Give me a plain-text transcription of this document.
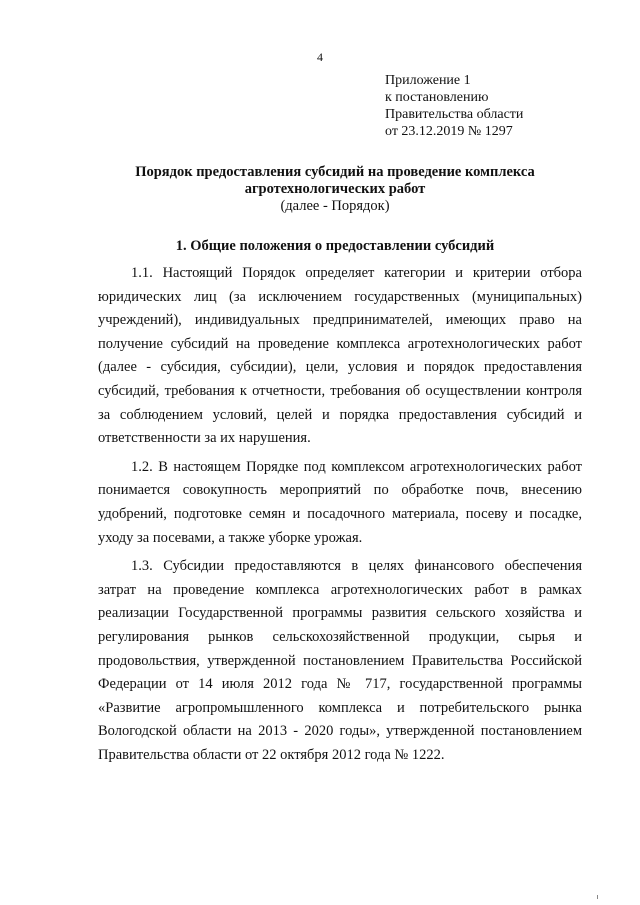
4
Приложение 1
к постановлению
Правительства области
от 23.12.2019 № 1297
Порядок предоставления субсидий на проведение комплекса
агротехнологических работ
(далее - Порядок)
1. Общие положения о предоставлении субсидий

1.1. Настоящий Порядок определяет категории и критерии отбора юридических лиц (за исключением государственных (муниципальных) учреждений), индивидуальных предпринимателей, имеющих право на получение субсидий на проведение комплекса агротехнологических работ (далее - субсидия, субсидии), цели, условия и порядок предоставления субсидий, требования к отчетности, требования об осуществлении контроля за соблюдением условий, целей и порядка предоставления субсидий и ответственности за их нарушения.

1.2. В настоящем Порядке под комплексом агротехнологических работ понимается совокупность мероприятий по обработке почв, внесению удобрений, подготовке семян и посадочного материала, посеву и посадке, уходу за посевами, а также уборке урожая.

1.3. Субсидии предоставляются в целях финансового обеспечения затрат на проведение комплекса агротехнологических работ в рамках реализации Государственной программы развития сельского хозяйства и регулирования рынков сельскохозяйственной продукции, сырья и продовольствия, утвержденной постановлением Правительства Российской Федерации от 14 июля 2012 года № 717, государственной программы «Развитие агропромышленного комплекса и потребительского рынка Вологодской области на 2013 - 2020 годы», утвержденной постановлением Правительства области от 22 октября 2012 года № 1222.
